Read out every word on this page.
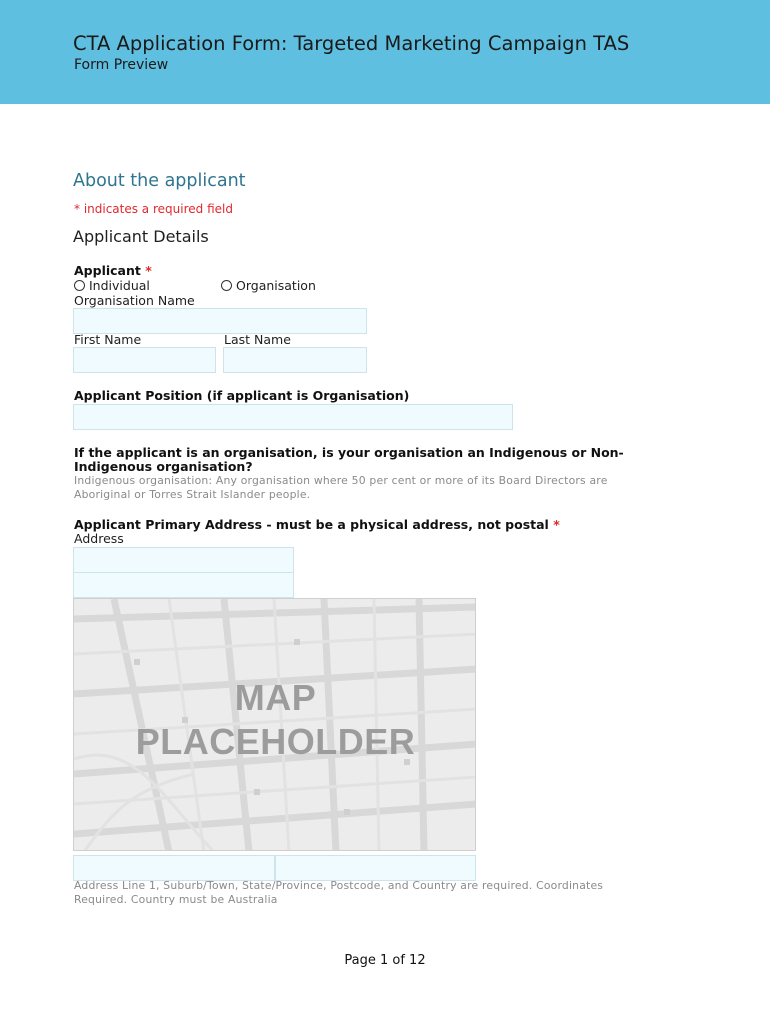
CTA Application Form: Targeted Marketing Campaign TAS
Form Preview
About the applicant
* indicates a required field
Applicant Details
Applicant *
Individual	Organisation
Organisation Name
First Name	Last Name
Applicant Position (if applicant is Organisation)
If the applicant is an organisation, is your organisation an Indigenous or Non-
Indigenous organisation?
Indigenous organisation: Any organisation where 50 per cent or more of its Board Directors are
Aboriginal or Torres Strait Islander people.
Applicant Primary Address - must be a physical address, not postal *
Address
MAP
PLACEHOLDER
Address Line 1, Suburb/Town, State/Province, Postcode, and Country are required. Coordinates
Required. Country must be Australia
Page 1 of 12
